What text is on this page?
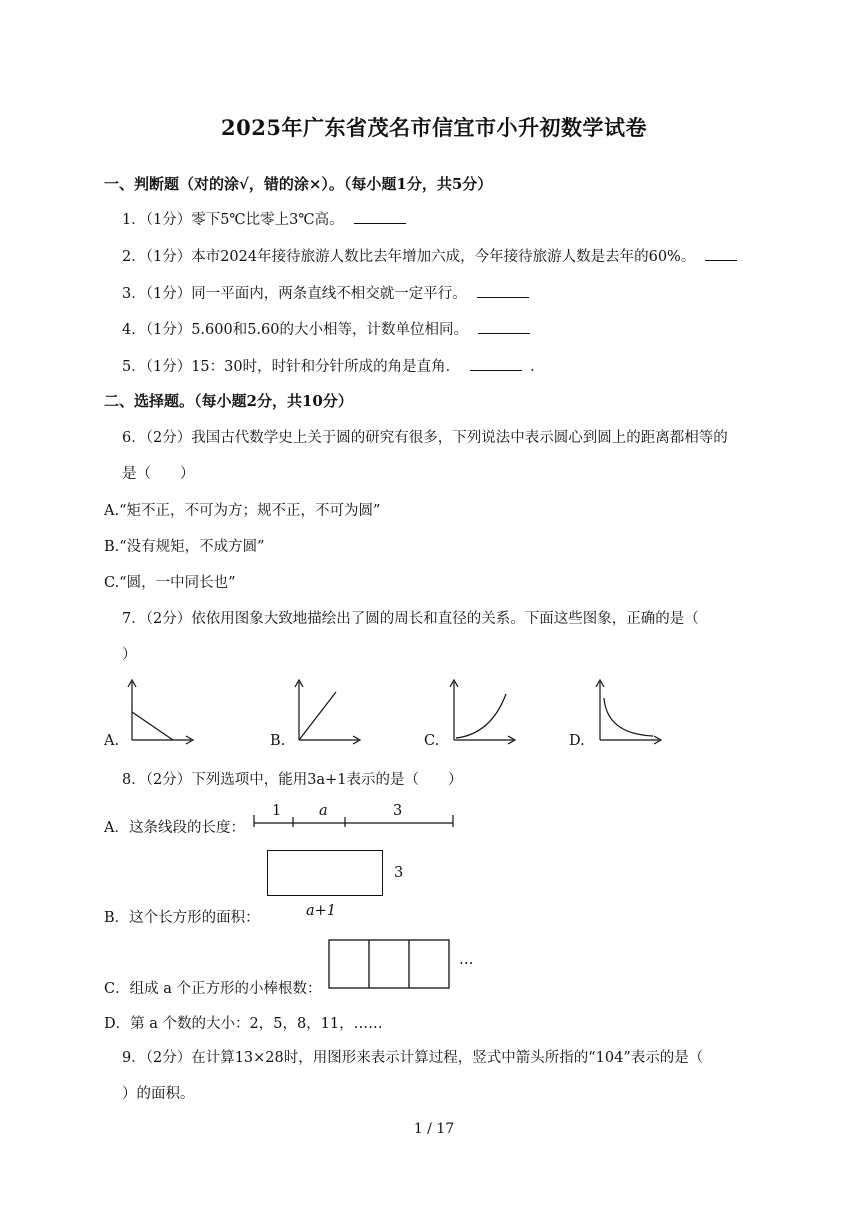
2025年广东省茂名市信宜市小升初数学试卷
一、判断题（对的涂√，错的涂×）。（每小题1分，共5分）
1．（1分）零下5℃比零上3℃高。
2．（1分）本市2024年接待旅游人数比去年增加六成，今年接待旅游人数是去年的60%。
3．（1分）同一平面内，两条直线不相交就一定平行。
4．（1分）5.600和5.60的大小相等，计数单位相同。
5．（1分）15：30时，时针和分针所成的角是直角．	．
二、选择题。（每小题2分，共10分）
6．（2分）我国古代数学史上关于圆的研究有很多，下列说法中表示圆心到圆上的距离都相等的
是（　　）
A.“矩不正，不可为方；规不正，不可为圆”
B.“没有规矩，不成方圆”
C.“圆，一中同长也”
7．（2分）依依用图象大致地描绘出了圆的周长和直径的关系。下面这些图象，正确的是（
）
A.	B.	C.	D.
8．（2分）下列选项中，能用3a+1表示的是（　　）
A．这条线段的长度：
1	a	3
3
B．这个长方形的面积：	a+1
…
C．组成 a 个正方形的小棒根数：
D．第 a 个数的大小：2，5，8，11，……
9．（2分）在计算13×28时，用图形来表示计算过程，竖式中箭头所指的“104”表示的是（
）的面积。
1 / 17
